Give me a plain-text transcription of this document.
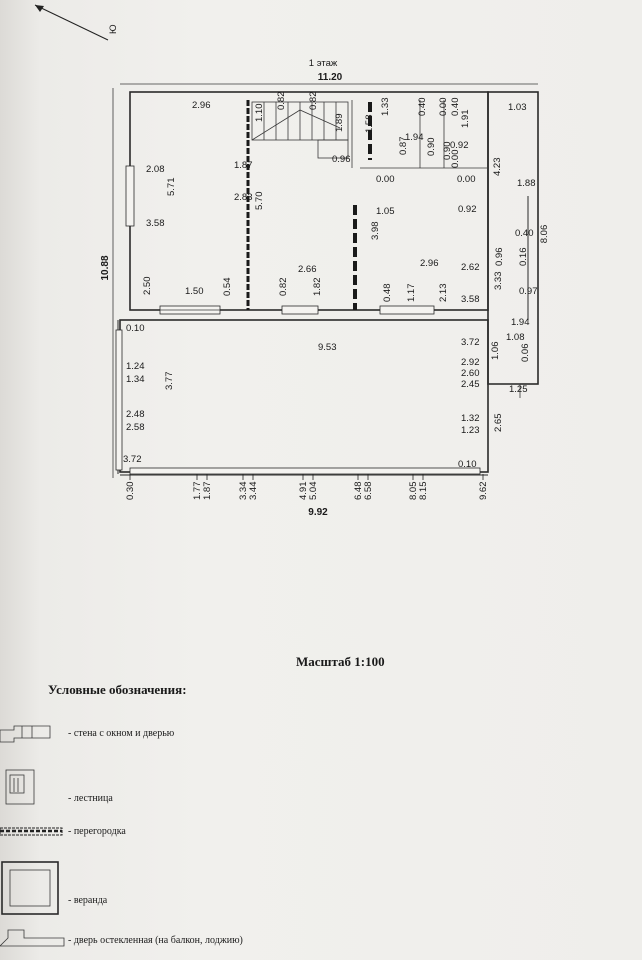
Ю
1 этаж
11.20
10.88
2.96	1.10
0.82 0.82
1.89
1.33	0.40 0.00	1.03
1.58
1.94
0.40
1.91
0.92
0.87 0.90 0.90
0.00
2.08
5.71
1.87
0.96
0.00	0.00
4.23
1.88
3.58
2.83 5.70
1.05	0.92
3.98	0.40
2.66
2.96 2.62
0.96 0.16
2.50	1.50 0.54	0.82 1.82	0.48 1.17 2.13 3.58
3.33
0.97
0.10
9.53	3.72
1.94
1.08
1.24
1.34
2.92
1.06
2.60
0.06
3.77	2.45	1.25
2.48
2.58
1.32
1.23 2.65
3.72	0.10
0.30	1.77 1.87	3.34 3.44	4.91 5.04	6.48 6.58	8.05 8.15	9.62
9.92
8.06
Масштаб 1:100
Условные обозначения:
- стена с окном и дверью
- лестница
- перегородка
- веранда
- дверь остекленная (на балкон, лоджию)
